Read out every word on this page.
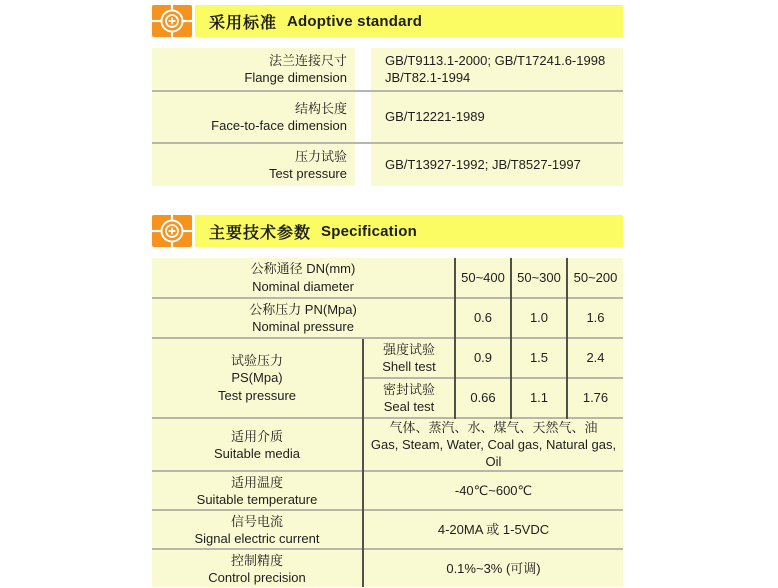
采用标准 Adoptive standard
法兰连接尺寸
Flange dimension		GB/T9113.1-2000; GB/T17241.6-1998
JB/T82.1-1994

结构长度
Face-to-face dimension		GB/T12221-1989

压力试验
Test pressure		GB/T13927-1992; JB/T8527-1997
主要技术参数 Specification
公称通径 DN(mm)
Nominal diameter		50~400	50~300	50~200

公称压力 PN(Mpa)
Nominal pressure		0.6	1.0	1.6

试验压力
PS(Mpa)
Test pressure	强度试验
Shell test	0.9	1.5	2.4

	密封试验
Seal test	0.66	1.1	1.76

适用介质
Suitable media	气体、蒸汽、水、煤气、天然气、油
Gas, Steam, Water, Coal gas, Natural gas, Oil			

适用温度
Suitable temperature	-40℃~600℃			

信号电流
Signal electric current	4-20MA 或 1-5VDC			

控制精度
Control precision	0.1%~3% (可调)			
